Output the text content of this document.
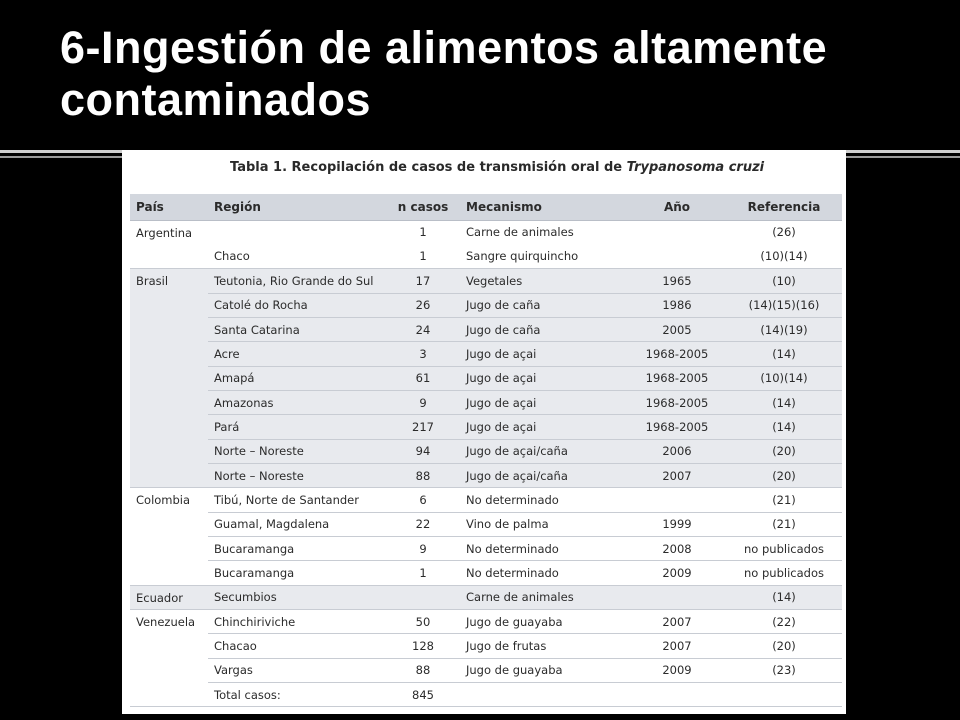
6-Ingestión de alimentos altamente
contaminados
Tabla 1. Recopilación de casos de transmisión oral de Trypanosoma cruzi
País	Región	n casos	Mecanismo	Año	Referencia
Argentina		1	Carne de animales		(26)
	Chaco	1	Sangre quirquincho		(10)(14)
Brasil	Teutonia, Rio Grande do Sul	17	Vegetales	1965	(10)
	Catolé do Rocha	26	Jugo de caña	1986	(14)(15)(16)
	Santa Catarina	24	Jugo de caña	2005	(14)(19)
	Acre	3	Jugo de açai	1968-2005	(14)
	Amapá	61	Jugo de açai	1968-2005	(10)(14)
	Amazonas	9	Jugo de açai	1968-2005	(14)
	Pará	217	Jugo de açai	1968-2005	(14)
	Norte – Noreste	94	Jugo de açai/caña	2006	(20)
	Norte – Noreste	88	Jugo de açai/caña	2007	(20)
Colombia	Tibú, Norte de Santander	6	No determinado		(21)
	Guamal, Magdalena	22	Vino de palma	1999	(21)
	Bucaramanga	9	No determinado	2008	no publicados
	Bucaramanga	1	No determinado	2009	no publicados
Ecuador	Secumbios		Carne de animales		(14)
Venezuela	Chinchiriviche	50	Jugo de guayaba	2007	(22)
	Chacao	128	Jugo de frutas	2007	(20)
	Vargas	88	Jugo de guayaba	2009	(23)
	Total casos:	845			
